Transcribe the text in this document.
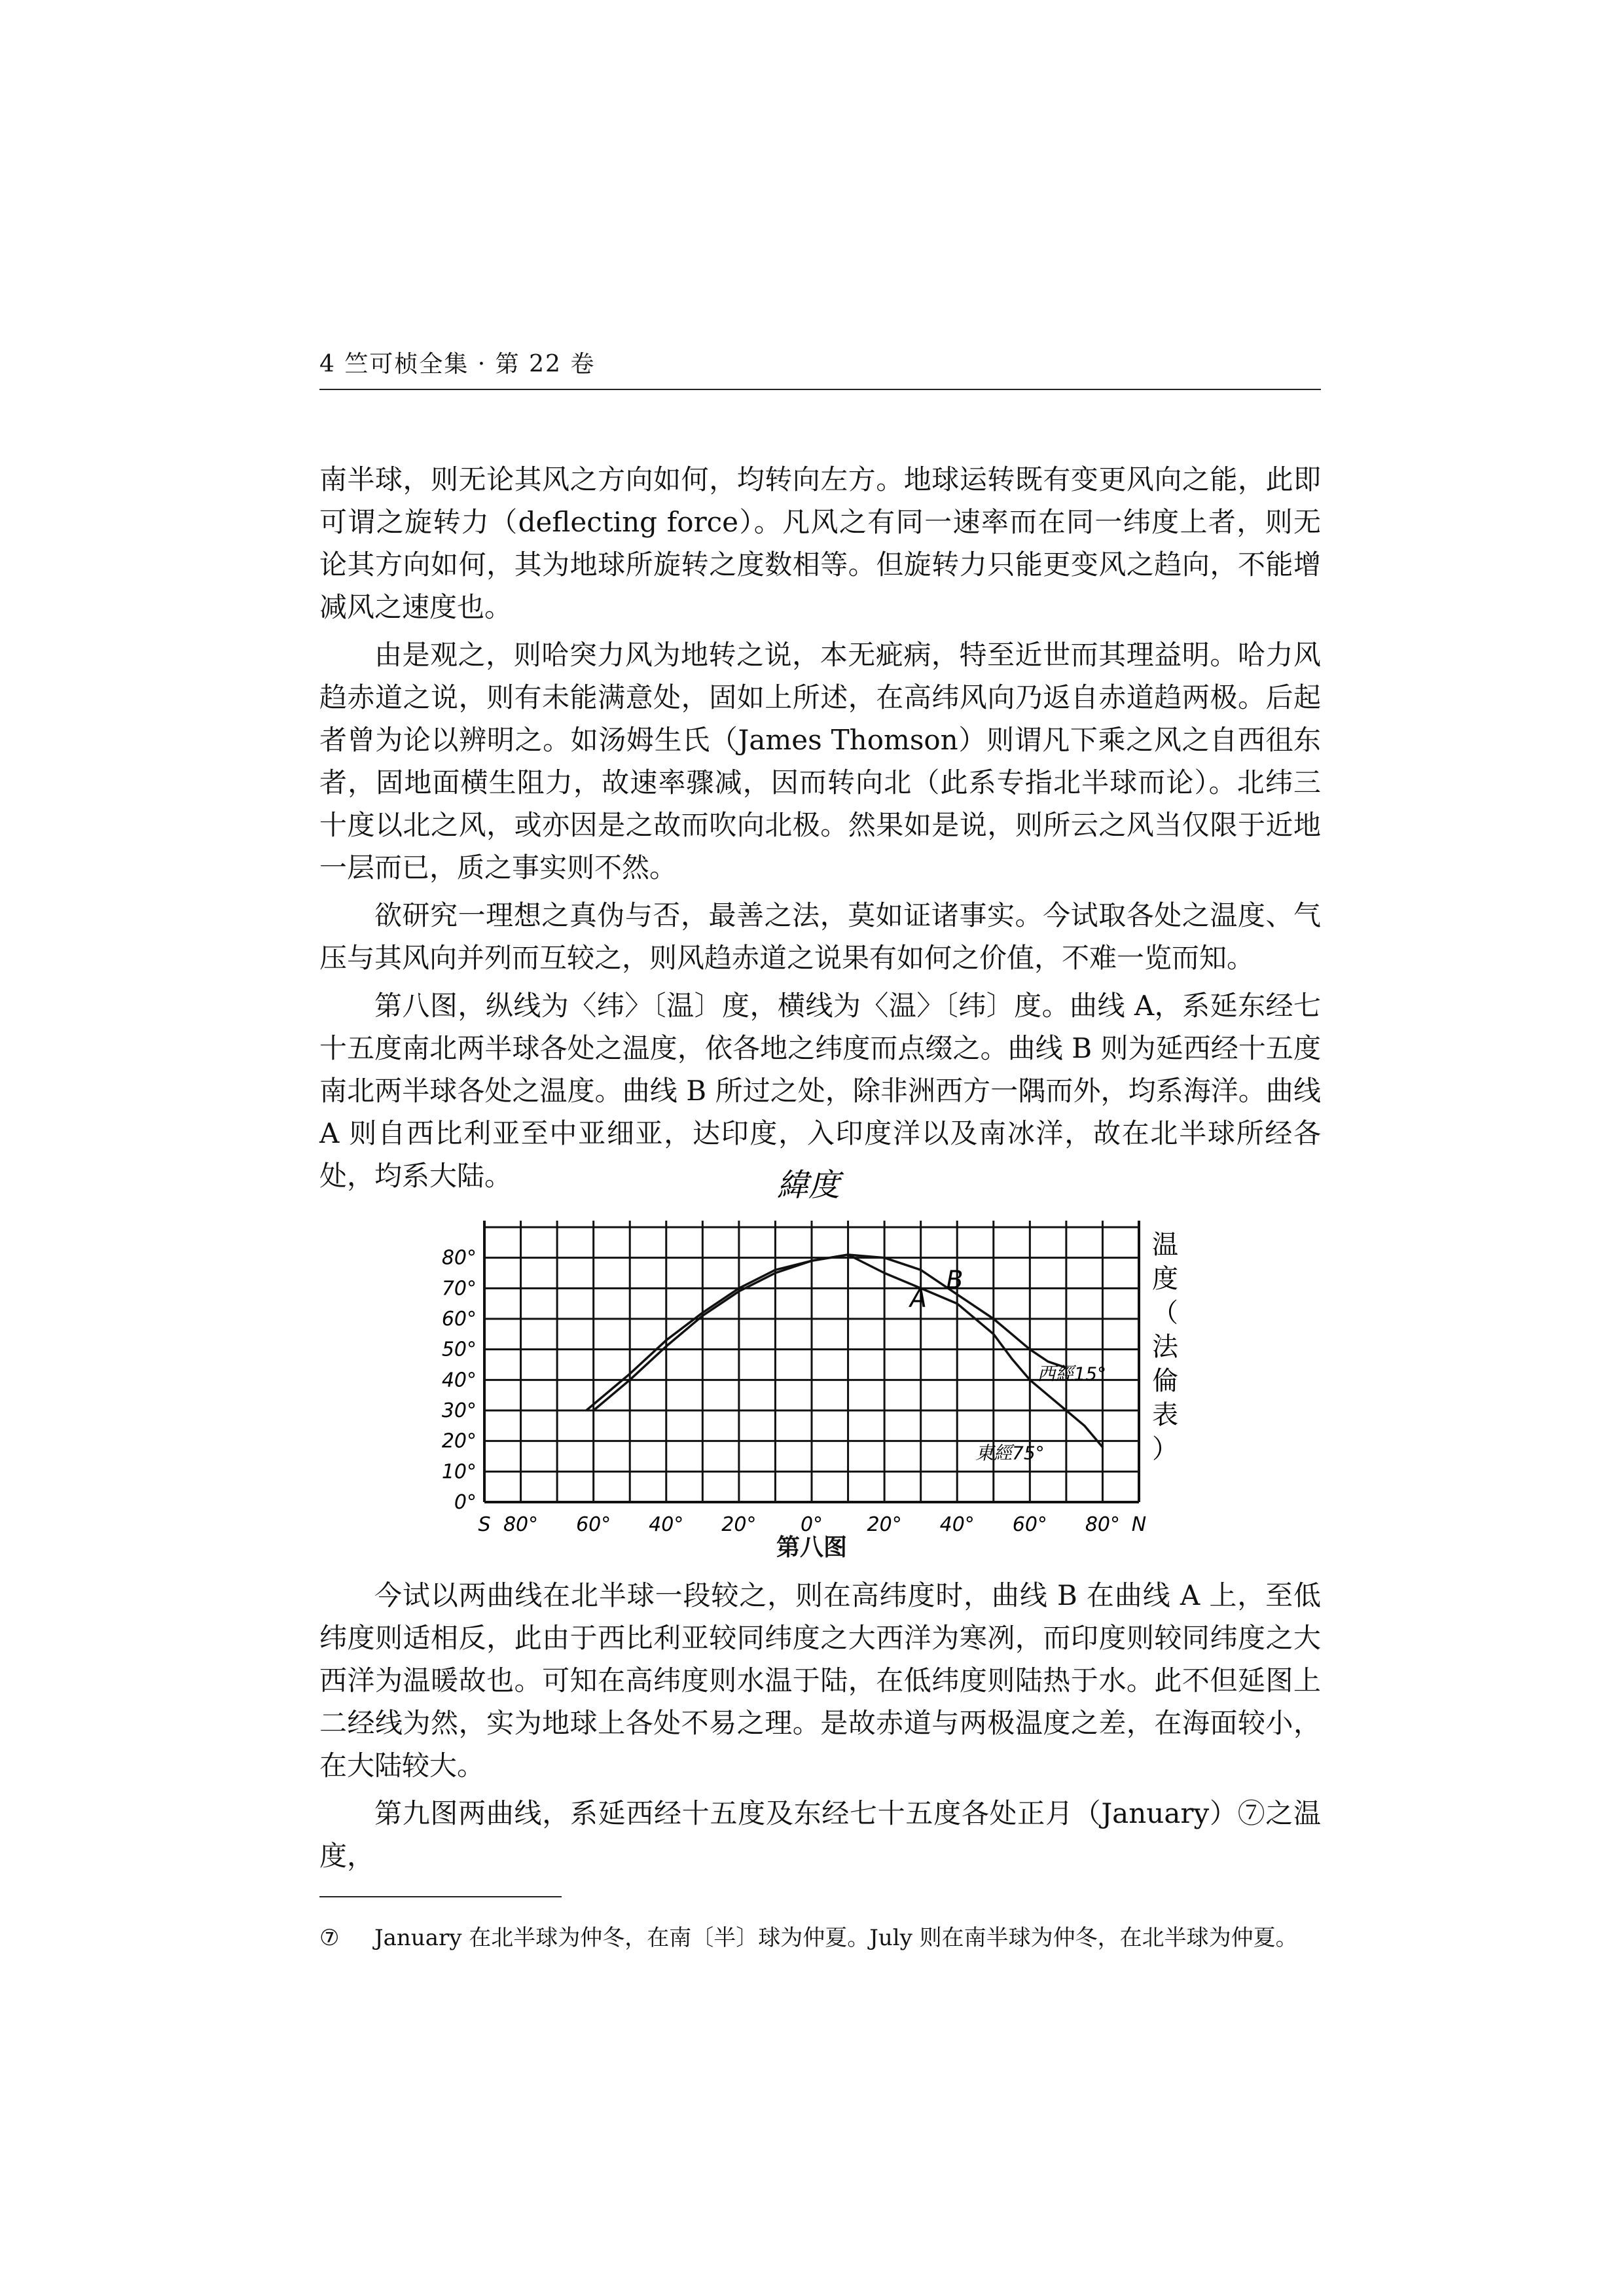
4 竺可桢全集 · 第 22 卷

南半球，则无论其风之方向如何，均转向左方。地球运转既有变更风向之能，此即可谓之旋转力（deflecting force）。凡风之有同一速率而在同一纬度上者，则无论其方向如何，其为地球所旋转之度数相等。但旋转力只能更变风之趋向，不能增减风之速度也。

由是观之，则哈突力风为地转之说，本无疵病，特至近世而其理益明。哈力风趋赤道之说，则有未能满意处，固如上所述，在高纬风向乃返自赤道趋两极。后起者曾为论以辨明之。如汤姆生氏（James Thomson）则谓凡下乘之风之自西徂东者，固地面横生阻力，故速率骤减，因而转向北（此系专指北半球而论）。北纬三十度以北之风，或亦因是之故而吹向北极。然果如是说，则所云之风当仅限于近地一层而已，质之事实则不然。

欲研究一理想之真伪与否，最善之法，莫如证诸事实。今试取各处之温度、气压与其风向并列而互较之，则风趋赤道之说果有如何之价值，不难一览而知。

第八图，纵线为〈纬〉〔温〕度，横线为〈温〉〔纬〕度。曲线 A，系延东经七十五度南北两半球各处之温度，依各地之纬度而点缀之。曲线 B 则为延西经十五度南北两半球各处之温度。曲线 B 所过之处，除非洲西方一隅而外，均系海洋。曲线 A 则自西比利亚至中亚细亚，达印度，入印度洋以及南冰洋，故在北半球所经各处，均系大陆。

0°
10°
20°
30°
40°
50°
60°
70°
80°
S 80° 60° 40° 20° 0° 20° 40° 60° 80° N
緯度
A
B
西經15°
東經75°
温
度
（
法
倫
表
）
第八图

今试以两曲线在北半球一段较之，则在高纬度时，曲线 B 在曲线 A 上，至低纬度则适相反，此由于西比利亚较同纬度之大西洋为寒冽，而印度则较同纬度之大西洋为温暖故也。可知在高纬度则水温于陆，在低纬度则陆热于水。此不但延图上二经线为然，实为地球上各处不易之理。是故赤道与两极温度之差，在海面较小，在大陆较大。

第九图两曲线，系延西经十五度及东经七十五度各处正月（January）⑦之温度，

⑦ January 在北半球为仲冬，在南〔半〕球为仲夏。July 则在南半球为仲冬，在北半球为仲夏。
